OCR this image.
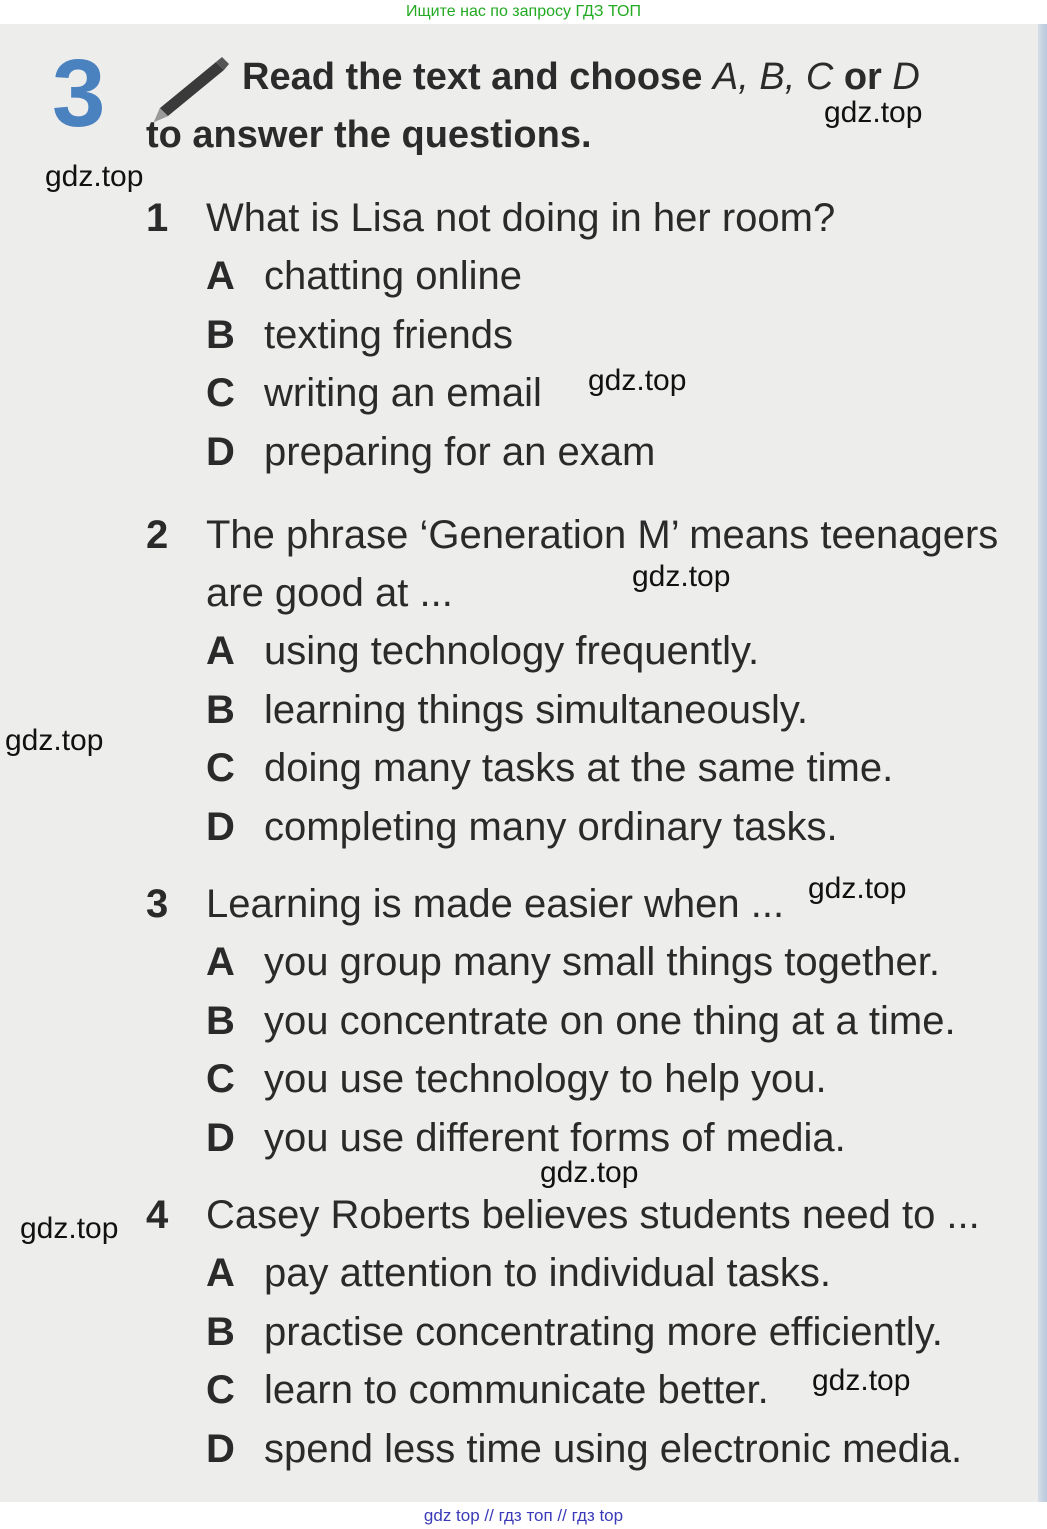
Ищите нас по запросу ГДЗ ТОП
3	Read the text and choose A, B, C or D
to answer the questions.
1 What is Lisa not doing in her room?
A chatting online
B texting friends
C writing an email
D preparing for an exam
2 The phrase ‘Generation M’ means teenagers are good at ...
A using technology frequently.
B learning things simultaneously.
C doing many tasks at the same time.
D completing many ordinary tasks.
3 Learning is made easier when ...
A you group many small things together.
B you concentrate on one thing at a time.
C you use technology to help you.
D you use different forms of media.
4 Casey Roberts believes students need to ...
A pay attention to individual tasks.
B practise concentrating more efficiently.
C learn to communicate better.
D spend less time using electronic media.
gdz.top
gdz.top
gdz.top
gdz.top
gdz.top
gdz.top
gdz.top
gdz.top
gdz.top
gdz top // гдз топ // гдз top
